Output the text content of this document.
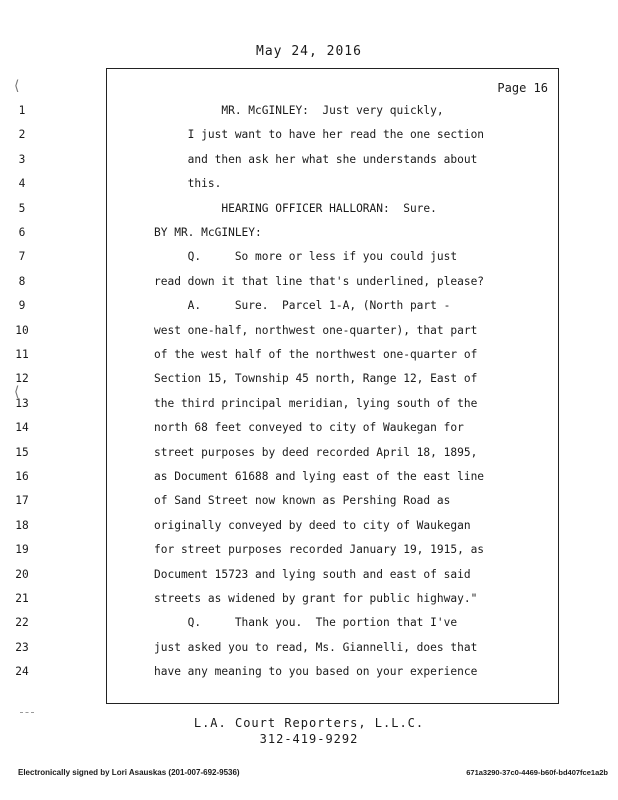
May 24, 2016
⟨
⟨
Page 16
1	MR. McGINLEY:  Just very quickly,
2	I just want to have her read the one section
3	and then ask her what she understands about
4	this.
5	HEARING OFFICER HALLORAN:  Sure.
6	BY MR. McGINLEY:
7	Q.     So more or less if you could just
8	read down it that line that's underlined, please?
9	A.     Sure.  Parcel 1-A, (North part -
10	west one-half, northwest one-quarter), that part
11	of the west half of the northwest one-quarter of
12	Section 15, Township 45 north, Range 12, East of
13	the third principal meridian, lying south of the
14	north 68 feet conveyed to city of Waukegan for
15	street purposes by deed recorded April 18, 1895,
16	as Document 61688 and lying east of the east line
17	of Sand Street now known as Pershing Road as
18	originally conveyed by deed to city of Waukegan
19	for street purposes recorded January 19, 1915, as
20	Document 15723 and lying south and east of said
21	streets as widened by grant for public highway."
22	Q.     Thank you.  The portion that I've
23	just asked you to read, Ms. Giannelli, does that
24	have any meaning to you based on your experience
L.A. Court Reporters, L.L.C.
312-419-9292
Electronically signed by Lori Asauskas (201-007-692-9536)	671a3290-37c0-4469-b60f-bd407fce1a2b
